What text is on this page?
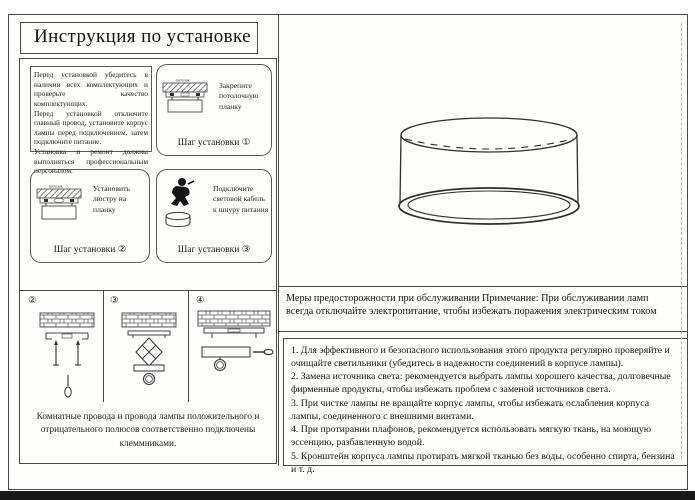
Инструкция по установке

Перед установкой убедитесь в наличии всех комплектующих и проверьте качество комплектующих.

Перед установкой отключите главный провод, установите корпус лампы перед подключением, затем подключите питание.

Установка и ремонт должны выполняться профессиональным персоналом.

потолок
Закрепите потолочную планку
Шаг установки ①
потолок	Установить люстру на планку
Шаг установки ②
Подключите световой кабель к шнуру питания
Шаг установки ③
②	③	④
Комнатные провода и провода лампы положительного и отрицательного полюсов соответственно подключены клеммниками.
Меры предосторожности при обслуживании Примечание: При обслуживании ламп всегда отключайте электропитание, чтобы избежать поражения электрическим током
1. Для эффективного и безопасного использования этого продукта регулярно проверяйте и очищайте светильники (убедитесь в надежности соединений в корпусе лампы).
2. Замена источника света: рекомендуется выбрать лампы хорошего качества, долговечные фирменные продукты, чтобы избежать проблем с заменой источников света.
3. При чистке лампы не вращайте корпус лампы, чтобы избежать ослабления корпуса лампы, соединенного с внешними винтами.
4. При протирании плафонов, рекомендуется использовать мягкую ткань, на моющую эссенцию, разбавленную водой.
5. Кронштейн корпуса лампы протирать мягкой тканью без воды, особенно спирта, бензина и т. д.
